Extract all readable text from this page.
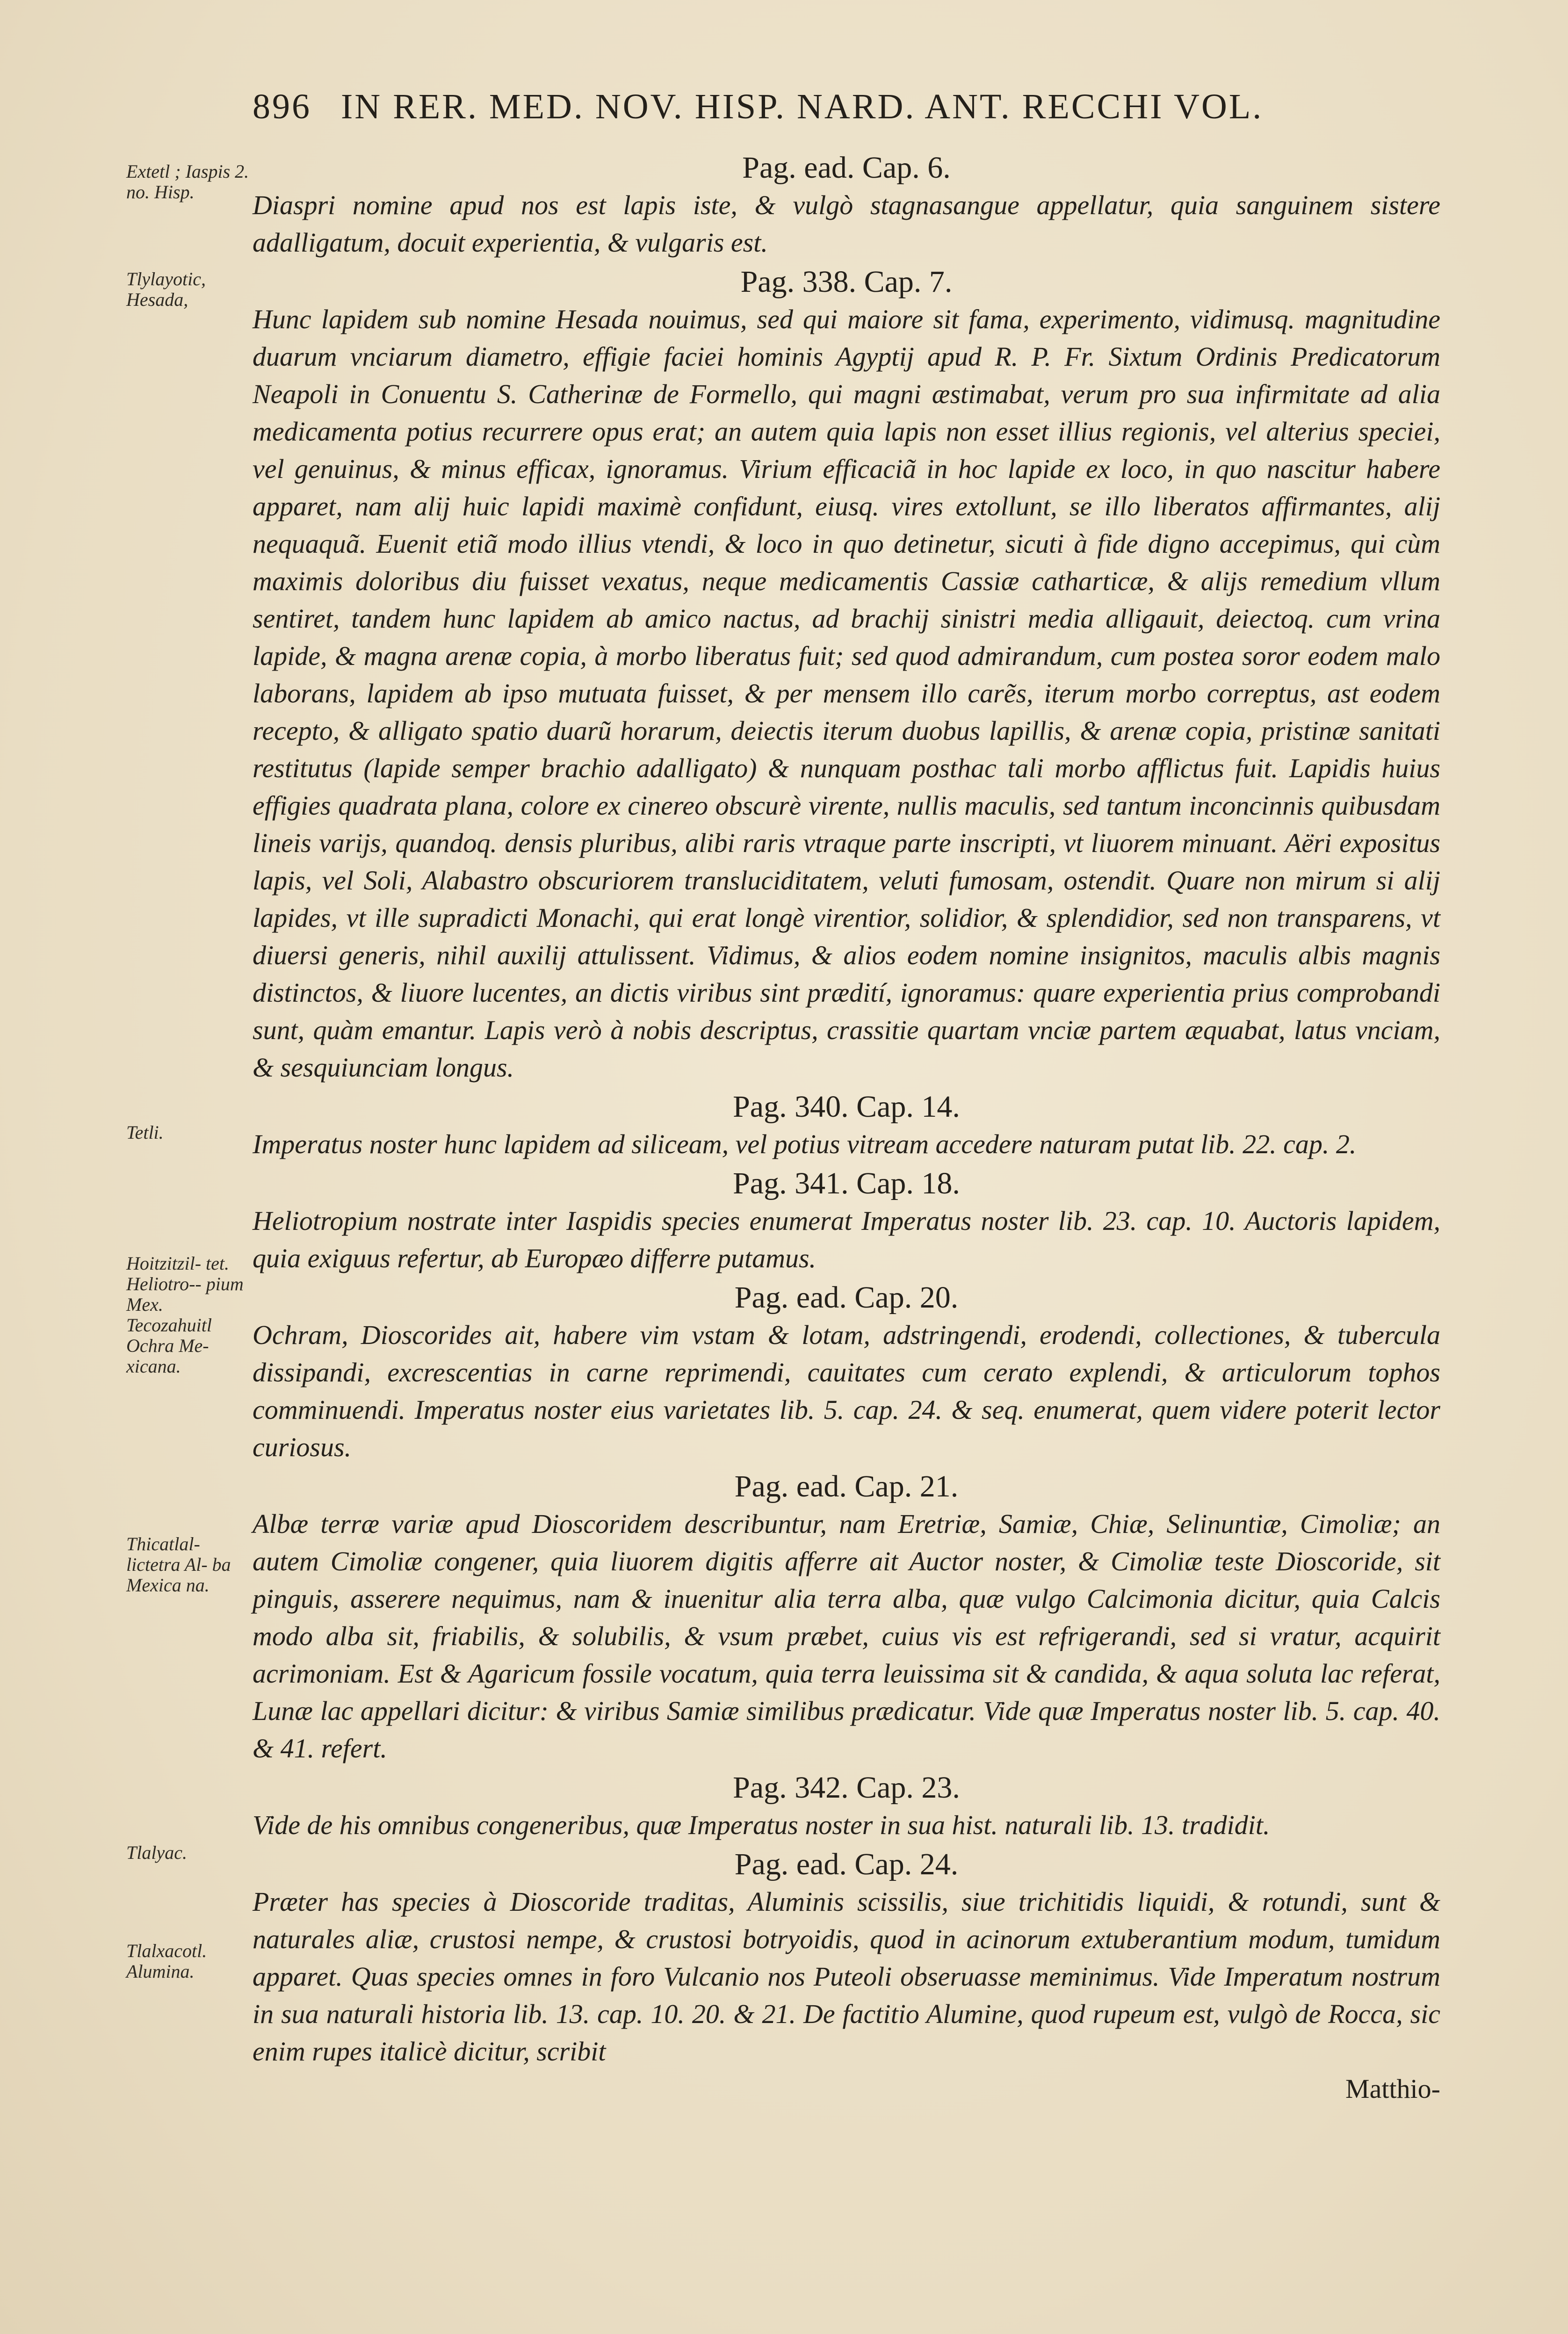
896 IN RER. MED. NOV. HISP. NARD. ANT. RECCHI VOL.
Extetl ; Iaspis 2. no. Hisp.
Tlylayotic, Hesada,
Tetli.
Hoitzitzil- tet. Heliotro-- pium Mex. Tecozahuitl Ochra Me- xicana.
Thicatlal- lictetra Al- ba Mexica na.
Tlalyac.
Tlalxacotl. Alumina.
Pag. ead. Cap. 6.

Diaspri nomine apud nos est lapis iste, & vulgò stagnasangue appellatur, quia sanguinem sistere adalligatum, docuit experientia, & vulgaris est.

Pag. 338. Cap. 7.

Hunc lapidem sub nomine Hesada nouimus, sed qui maiore sit fama, experimento, vidimusq. magnitudine duarum vnciarum diametro, effigie faciei hominis Agyptij apud R. P. Fr. Sixtum Ordinis Predicatorum Neapoli in Conuentu S. Catherinæ de Formello, qui magni æstimabat, verum pro sua infirmitate ad alia medicamenta potius recurrere opus erat; an autem quia lapis non esset illius regionis, vel alterius speciei, vel genuinus, & minus efficax, ignoramus. Virium efficaciã in hoc lapide ex loco, in quo nascitur habere apparet, nam alij huic lapidi maximè confidunt, eiusq. vires extollunt, se illo liberatos affirmantes, alij nequaquã. Euenit etiã modo illius vtendi, & loco in quo detinetur, sicuti à fide digno accepimus, qui cùm maximis doloribus diu fuisset vexatus, neque medicamentis Cassiæ catharticæ, & alijs remedium vllum sentiret, tandem hunc lapidem ab amico nactus, ad brachij sinistri media alligauit, deiectoq. cum vrina lapide, & magna arenæ copia, à morbo liberatus fuit; sed quod admirandum, cum postea soror eodem malo laborans, lapidem ab ipso mutuata fuisset, & per mensem illo carẽs, iterum morbo correptus, ast eodem recepto, & alligato spatio duarũ horarum, deiectis iterum duobus lapillis, & arenæ copia, pristinæ sanitati restitutus (lapide semper brachio adalligato) & nunquam posthac tali morbo afflictus fuit. Lapidis huius effigies quadrata plana, colore ex cinereo obscurè virente, nullis maculis, sed tantum inconcinnis quibusdam lineis varijs, quandoq. densis pluribus, alibi raris vtraque parte inscripti, vt liuorem minuant. Aëri expositus lapis, vel Soli, Alabastro obscuriorem transluciditatem, veluti fumosam, ostendit. Quare non mirum si alij lapides, vt ille supradicti Monachi, qui erat longè virentior, solidior, & splendidior, sed non transparens, vt diuersi generis, nihil auxilij attulissent. Vidimus, & alios eodem nomine insignitos, maculis albis magnis distinctos, & liuore lucentes, an dictis viribus sint prædití, ignoramus: quare experientia prius comprobandi sunt, quàm emantur. Lapis verò à nobis descriptus, crassitie quartam vnciæ partem æquabat, latus vnciam, & sesquiunciam longus.

Pag. 340. Cap. 14.

Imperatus noster hunc lapidem ad siliceam, vel potius vitream accedere naturam putat lib. 22. cap. 2.

Pag. 341. Cap. 18.

Heliotropium nostrate inter Iaspidis species enumerat Imperatus noster lib. 23. cap. 10. Auctoris lapidem, quia exiguus refertur, ab Europæo differre putamus.

Pag. ead. Cap. 20.

Ochram, Dioscorides ait, habere vim vstam & lotam, adstringendi, erodendi, collectiones, & tubercula dissipandi, excrescentias in carne reprimendi, cauitates cum cerato explendi, & articulorum tophos comminuendi. Imperatus noster eius varietates lib. 5. cap. 24. & seq. enumerat, quem videre poterit lector curiosus.

Pag. ead. Cap. 21.

Albæ terræ variæ apud Dioscoridem describuntur, nam Eretriæ, Samiæ, Chiæ, Selinuntiæ, Cimoliæ; an autem Cimoliæ congener, quia liuorem digitis afferre ait Auctor noster, & Cimoliæ teste Dioscoride, sit pinguis, asserere nequimus, nam & inuenitur alia terra alba, quæ vulgo Calcimonia dicitur, quia Calcis modo alba sit, friabilis, & solubilis, & vsum præbet, cuius vis est refrigerandi, sed si vratur, acquirit acrimoniam. Est & Agaricum fossile vocatum, quia terra leuissima sit & candida, & aqua soluta lac referat, Lunæ lac appellari dicitur: & viribus Samiæ similibus prædicatur. Vide quæ Imperatus noster lib. 5. cap. 40. & 41. refert.

Pag. 342. Cap. 23.

Vide de his omnibus congeneribus, quæ Imperatus noster in sua hist. naturali lib. 13. tradidit.

Pag. ead. Cap. 24.

Præter has species à Dioscoride traditas, Aluminis scissilis, siue trichitidis liquidi, & rotundi, sunt & naturales aliæ, crustosi nempe, & crustosi botryoidis, quod in acinorum extuberantium modum, tumidum apparet. Quas species omnes in foro Vulcanio nos Puteoli obseruasse meminimus. Vide Imperatum nostrum in sua naturali historia lib. 13. cap. 10. 20. & 21. De factitio Alumine, quod rupeum est, vulgò de Rocca, sic enim rupes italicè dicitur, scribit

Matthio-
